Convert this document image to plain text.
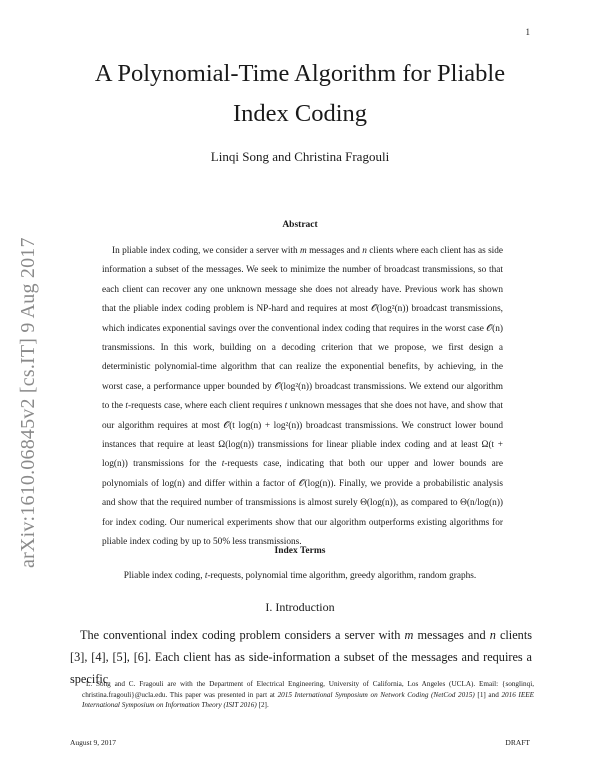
1
arXiv:1610.06845v2 [cs.IT] 9 Aug 2017
A Polynomial-Time Algorithm for Pliable Index Coding
Linqi Song and Christina Fragouli
Abstract

In pliable index coding, we consider a server with m messages and n clients where each client has as side information a subset of the messages. We seek to minimize the number of broadcast transmissions, so that each client can recover any one unknown message she does not already have. Previous work has shown that the pliable index coding problem is NP-hard and requires at most 𝒪(log²(n)) broadcast transmissions, which indicates exponential savings over the conventional index coding that requires in the worst case 𝒪(n) transmissions. In this work, building on a decoding criterion that we propose, we first design a deterministic polynomial-time algorithm that can realize the exponential benefits, by achieving, in the worst case, a performance upper bounded by 𝒪(log²(n)) broadcast transmissions. We extend our algorithm to the t-requests case, where each client requires t unknown messages that she does not have, and show that our algorithm requires at most 𝒪(t log(n) + log²(n)) broadcast transmissions. We construct lower bound instances that require at least Ω(log(n)) transmissions for linear pliable index coding and at least Ω(t + log(n)) transmissions for the t-requests case, indicating that both our upper and lower bounds are polynomials of log(n) and differ within a factor of 𝒪(log(n)). Finally, we provide a probabilistic analysis and show that the required number of transmissions is almost surely Θ(log(n)), as compared to Θ(n/log(n)) for index coding. Our numerical experiments show that our algorithm outperforms existing algorithms for pliable index coding by up to 50% less transmissions.

Index Terms
Pliable index coding, t-requests, polynomial time algorithm, greedy algorithm, random graphs.
I. Introduction

The conventional index coding problem considers a server with m messages and n clients [3], [4], [5], [6]. Each client has as side-information a subset of the messages and requires a specific

L. Song and C. Fragouli are with the Department of Electrical Engineering, University of California, Los Angeles (UCLA). Email: {songlinqi, christina.fragouli}@ucla.edu. This paper was presented in part at 2015 International Symposium on Network Coding (NetCod 2015) [1] and 2016 IEEE International Symposium on Information Theory (ISIT 2016) [2].

August 9, 2017	DRAFT
